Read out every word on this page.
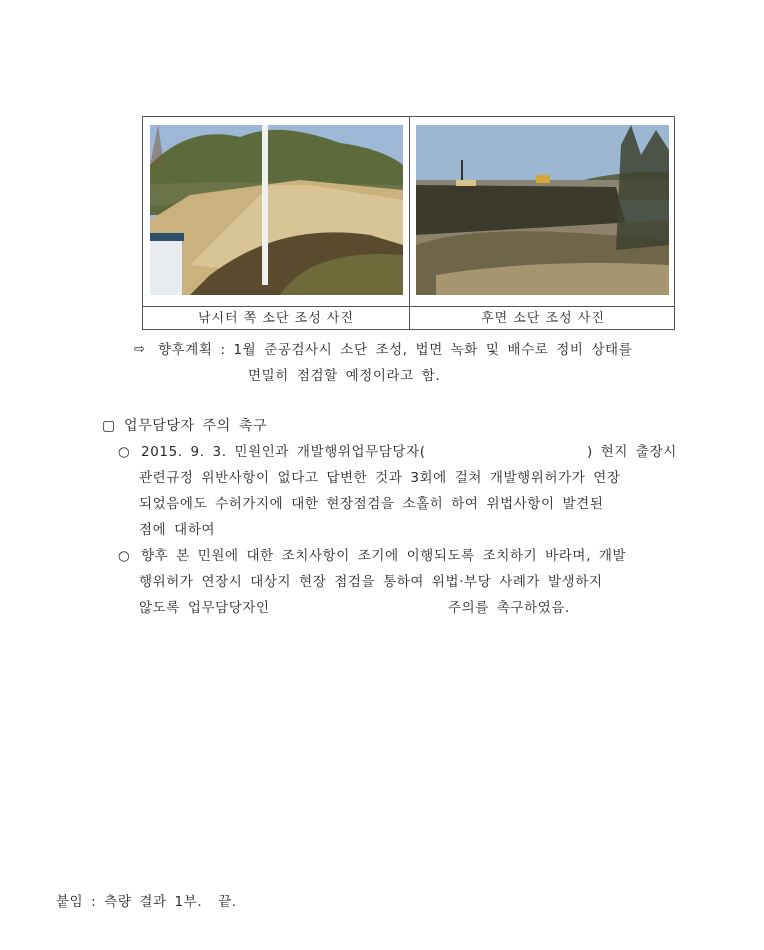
낚시터 쪽 소단 조성 사진	후면 소단 조성 사진
⇨ 향후계획 : 1월 준공검사시 소단 조성, 법면 녹화 및 배수로 정비 상태를
면밀히 점검할 예정이라고 함.
▢ 업무담당자 주의 촉구
○ 2015. 9. 3. 민원인과 개발행위업무담당자(	) 현지 출장시
관련규정 위반사항이 없다고 답변한 것과 3회에 걸쳐 개발행위허가가 연장
되었음에도 수허가지에 대한 현장점검을 소홀히 하여 위법사항이 발견된
점에 대하여
○ 향후 본 민원에 대한 조치사항이 조기에 이행되도록 조치하기 바라며, 개발
행위허가 연장시 대상지 현장 점검을 통하여 위법·부당 사례가 발생하지
않도록 업무담당자인	주의를 촉구하였음.
붙임 : 측량 결과 1부.  끝.
